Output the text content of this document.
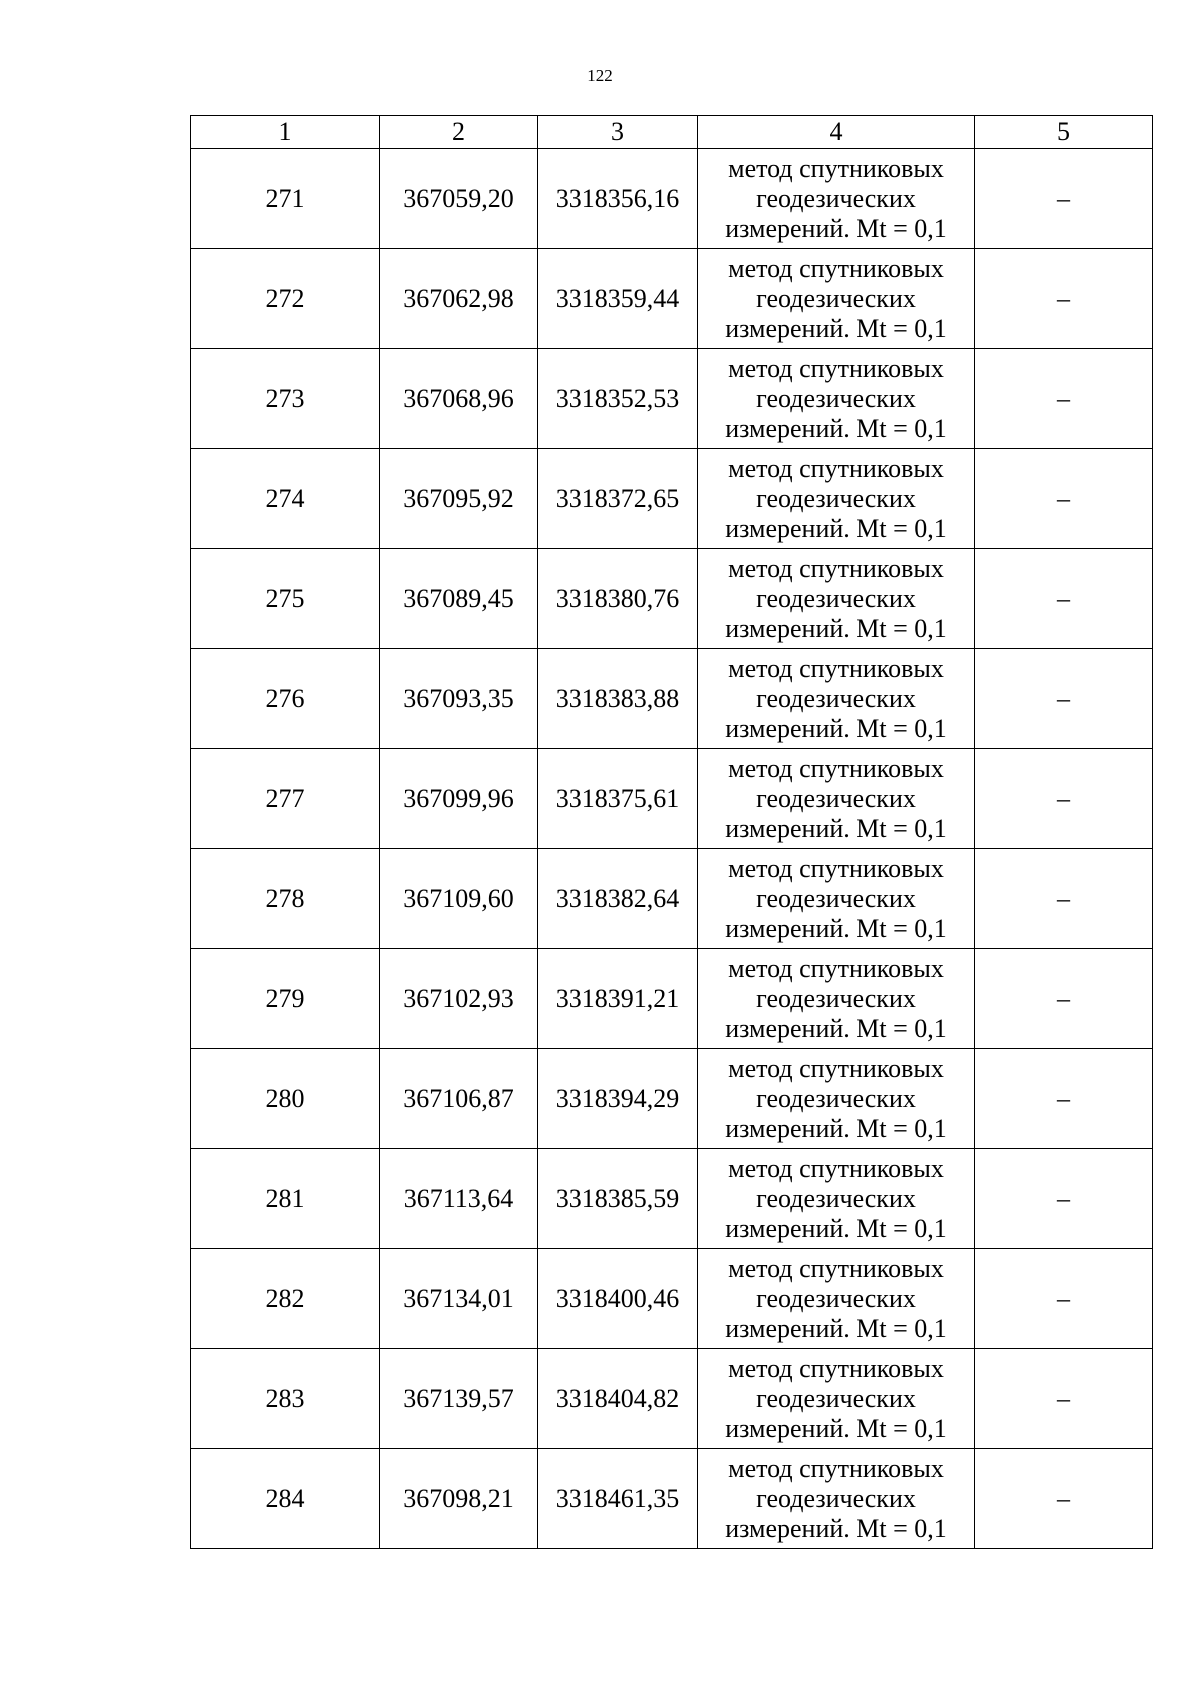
122
1	2	3	4	5
271	367059,20	3318356,16	метод спутниковых
геодезических
измерений. Mt = 0,1	–
272	367062,98	3318359,44	метод спутниковых
геодезических
измерений. Mt = 0,1	–
273	367068,96	3318352,53	метод спутниковых
геодезических
измерений. Mt = 0,1	–
274	367095,92	3318372,65	метод спутниковых
геодезических
измерений. Mt = 0,1	–
275	367089,45	3318380,76	метод спутниковых
геодезических
измерений. Mt = 0,1	–
276	367093,35	3318383,88	метод спутниковых
геодезических
измерений. Mt = 0,1	–
277	367099,96	3318375,61	метод спутниковых
геодезических
измерений. Mt = 0,1	–
278	367109,60	3318382,64	метод спутниковых
геодезических
измерений. Mt = 0,1	–
279	367102,93	3318391,21	метод спутниковых
геодезических
измерений. Mt = 0,1	–
280	367106,87	3318394,29	метод спутниковых
геодезических
измерений. Mt = 0,1	–
281	367113,64	3318385,59	метод спутниковых
геодезических
измерений. Mt = 0,1	–
282	367134,01	3318400,46	метод спутниковых
геодезических
измерений. Mt = 0,1	–
283	367139,57	3318404,82	метод спутниковых
геодезических
измерений. Mt = 0,1	–
284	367098,21	3318461,35	метод спутниковых
геодезических
измерений. Mt = 0,1	–
